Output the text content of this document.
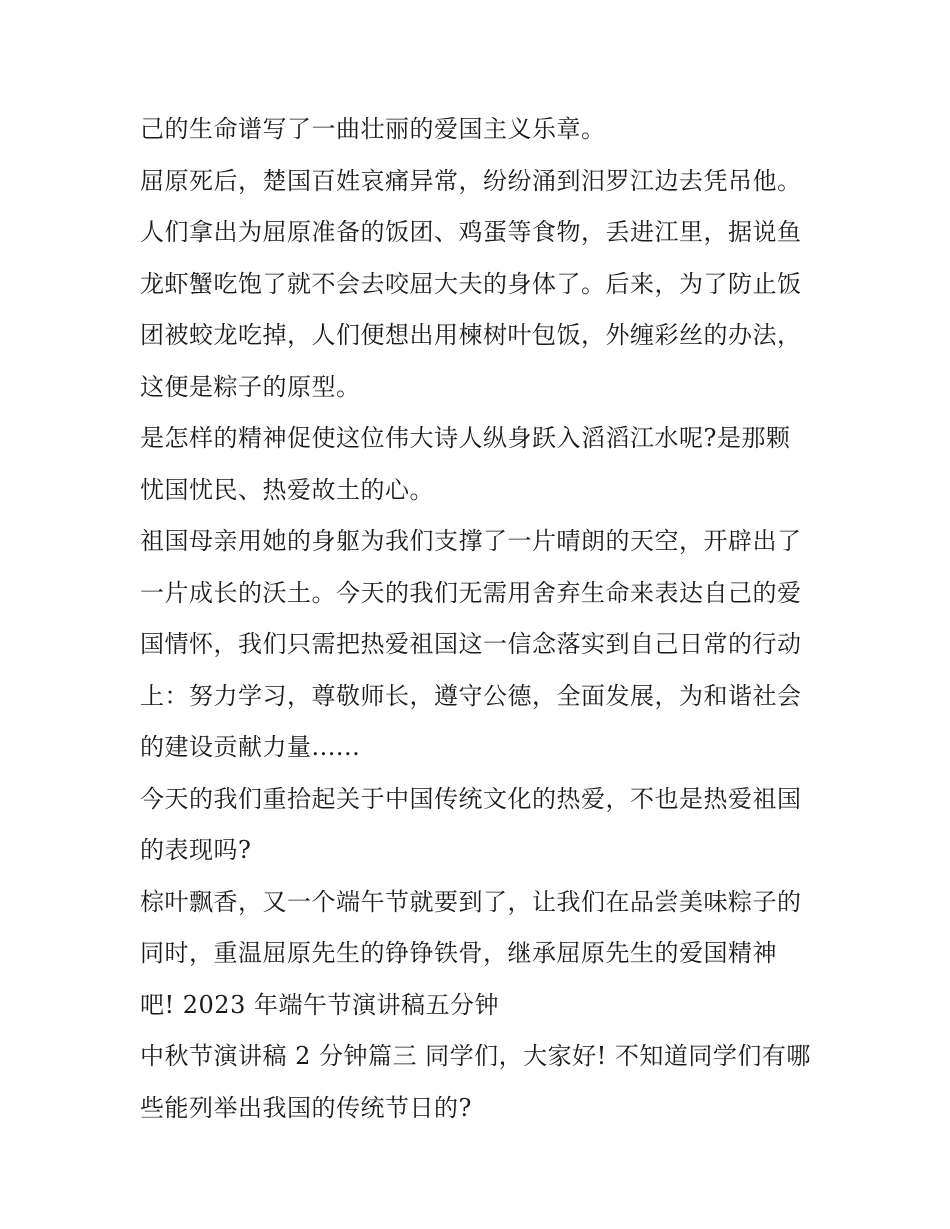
己的生命谱写了一曲壮丽的爱国主义乐章。
屈原死后，楚国百姓哀痛异常，纷纷涌到汨罗江边去凭吊他。
人们拿出为屈原准备的饭团、鸡蛋等食物，丢进江里，据说鱼
龙虾蟹吃饱了就不会去咬屈大夫的身体了。后来，为了防止饭
团被蛟龙吃掉，人们便想出用楝树叶包饭，外缠彩丝的办法，
这便是粽子的原型。
是怎样的精神促使这位伟大诗人纵身跃入滔滔江水呢?是那颗
忧国忧民、热爱故土的心。
祖国母亲用她的身躯为我们支撑了一片晴朗的天空，开辟出了
一片成长的沃土。今天的我们无需用舍弃生命来表达自己的爱
国情怀，我们只需把热爱祖国这一信念落实到自己日常的行动
上：努力学习，尊敬师长，遵守公德，全面发展，为和谐社会
的建设贡献力量......
今天的我们重拾起关于中国传统文化的热爱，不也是热爱祖国
的表现吗?
棕叶飘香，又一个端午节就要到了，让我们在品尝美味粽子的
同时，重温屈原先生的铮铮铁骨，继承屈原先生的爱国精神
吧! 2023 年端午节演讲稿五分钟
中秋节演讲稿 2 分钟篇三 同学们，大家好! 不知道同学们有哪
些能列举出我国的传统节日的?
